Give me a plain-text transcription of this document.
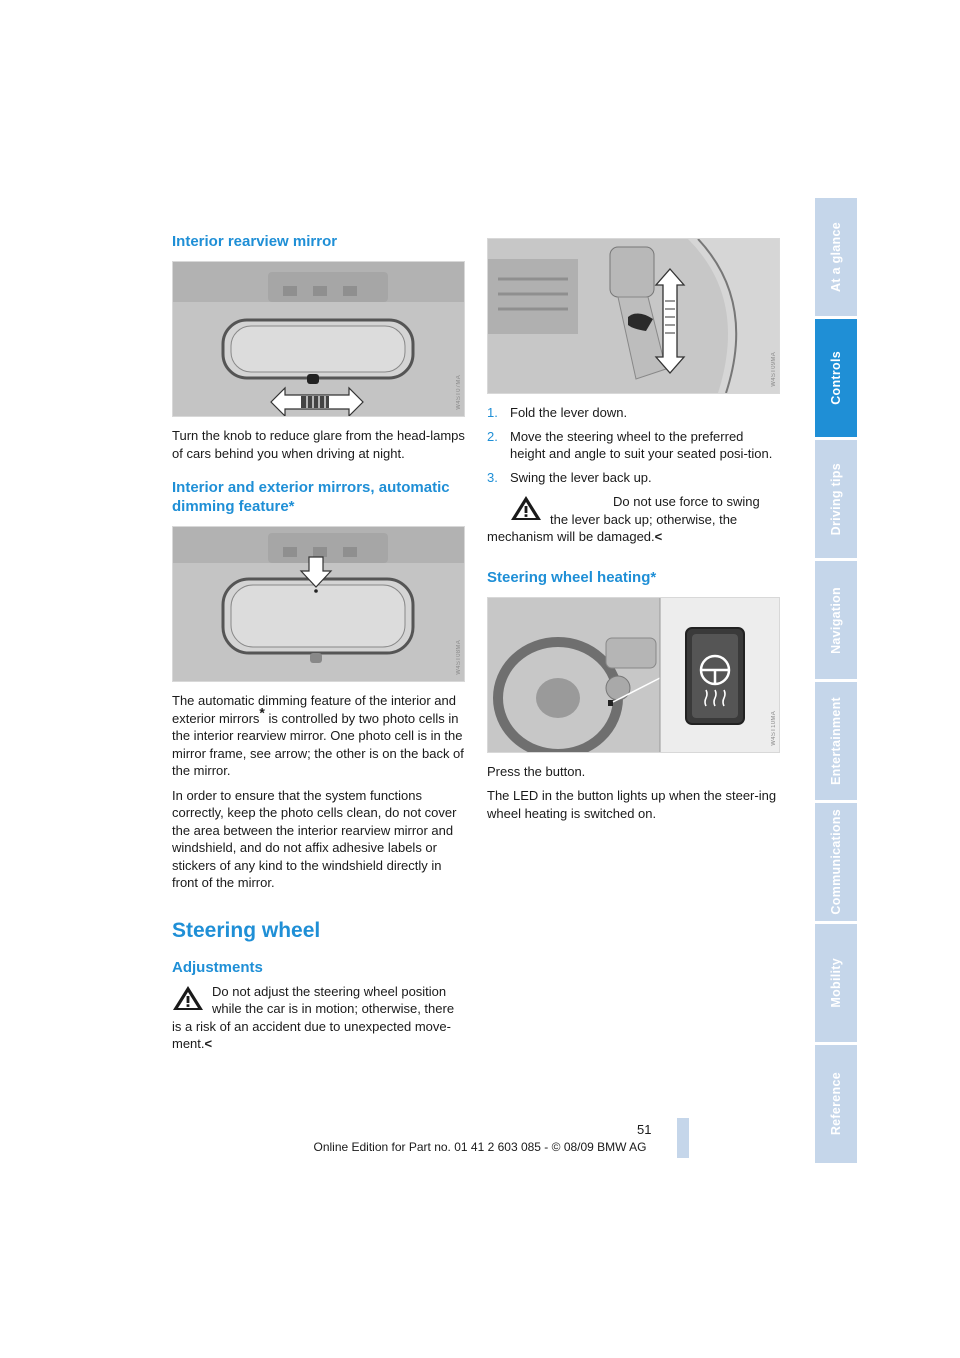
Interior rearview mirror
W4ST07MA

Turn the knob to reduce glare from the head-lamps of cars behind you when driving at night.

Interior and exterior mirrors, automatic dimming feature*
W4ST08MA

The automatic dimming feature of the interior and exterior mirrors* is controlled by two photo cells in the interior rearview mirror. One photo cell is in the mirror frame, see arrow; the other is on the back of the mirror.

In order to ensure that the system functions correctly, keep the photo cells clean, do not cover the area between the interior rearview mirror and windshield, and do not affix adhesive labels or stickers of any kind to the windshield directly in front of the mirror.

Steering wheel
Adjustments

Do not adjust the steering wheel position while the car is in motion; otherwise, there is a risk of an accident due to unexpected move-ment.<

W4ST09MA
1. Fold the lever down.
2. Move the steering wheel to the preferred height and angle to suit your seated posi-tion.
3. Swing the lever back up.

Do not use force to swing the lever back up; otherwise, the mechanism will be damaged.<

Steering wheel heating*
W4ST10MA

Press the button.

The LED in the button lights up when the steer-ing wheel heating is switched on.

At a glance
Controls
Driving tips
Navigation
Entertainment
Communications
Mobility
Reference
51
Online Edition for Part no. 01 41 2 603 085 - © 08/09 BMW AG
